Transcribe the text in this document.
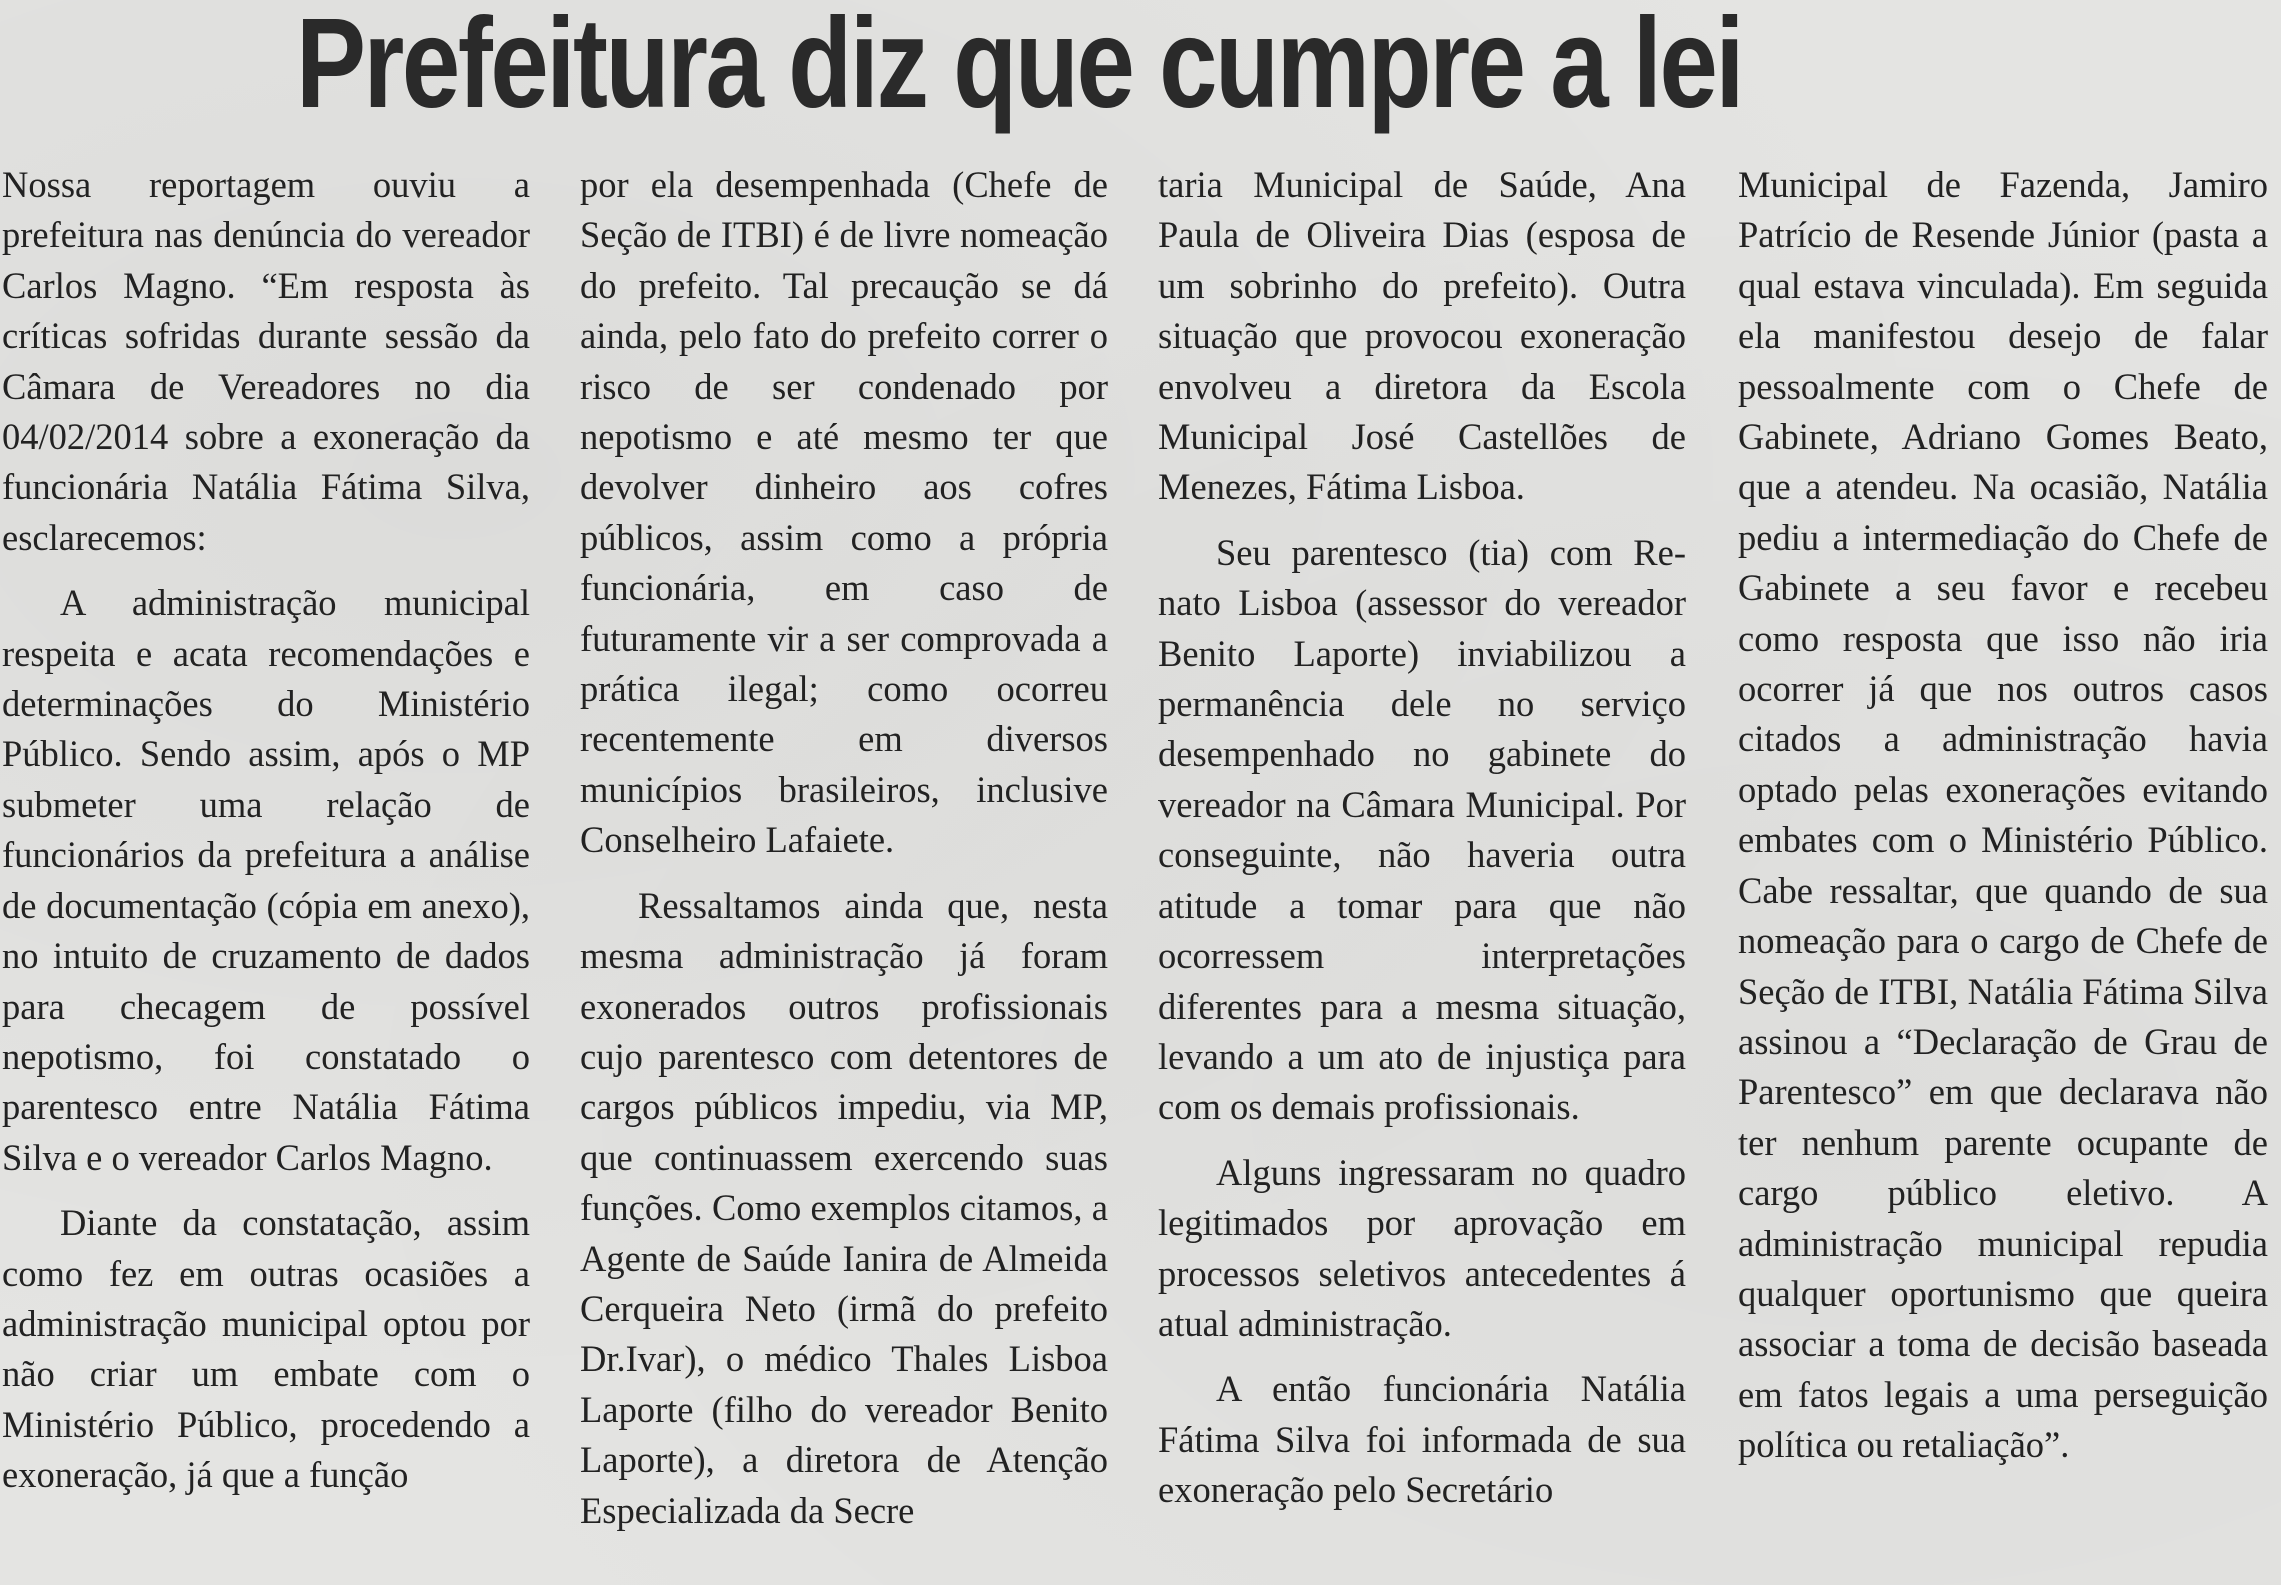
Prefeitura diz que cumpre a lei

Nossa reportagem ouviu a prefeitura nas denúncia do vereador Carlos Magno. “Em resposta às críticas sofridas durante sessão da Câmara de Vereadores no dia 04/02/2014 sobre a exoneração da funcionária Natália Fátima Silva, esclarecemos:

A administração municipal respeita e acata recomendações e determinações do Ministério Público. Sendo assim, após o MP submeter uma relação de funcionários da prefeitura a análise de documentação (cópia em anexo), no intuito de cruzamento de dados para checagem de possível nepotismo, foi constatado o parentesco entre Natália Fátima Silva e o vereador Carlos Magno.

Diante da constatação, assim como fez em outras ocasiões a administração municipal optou por não criar um embate com o Ministério Público, procedendo a exoneração, já que a função

por ela desempenhada (Chefe de Seção de ITBI) é de livre nomeação do prefeito. Tal precaução se dá ainda, pelo fato do prefeito correr o risco de ser condenado por nepotismo e até mesmo ter que devolver dinheiro aos cofres públicos, assim como a própria funcionária, em caso de futuramente vir a ser comprovada a prática ilegal; como ocorreu recentemente em diversos municípios brasileiros, inclusive Conselheiro Lafaiete.

Ressaltamos ainda que, nesta mesma administração já foram exonerados outros profissionais cujo parentesco com detentores de cargos públicos impediu, via MP, que continuassem exercendo suas funções. Como exemplos citamos, a Agente de Saúde Ianira de Almeida Cerqueira Neto (irmã do prefeito Dr.Ivar), o médico Thales Lisboa Laporte (filho do vereador Benito Laporte), a diretora de Atenção Especializada da Secre

taria Municipal de Saúde, Ana Paula de Oliveira Dias (esposa de um sobrinho do prefeito). Outra situação que provocou exoneração envolveu a diretora da Escola Municipal José Castellões de Menezes, Fátima Lisboa.

Seu parentesco (tia) com Renato Lisboa (assessor do vereador Benito Laporte) inviabilizou a permanência dele no serviço desempenhado no gabinete do vereador na Câmara Municipal. Por conseguinte, não haveria outra atitude a tomar para que não ocorressem interpretações diferentes para a mesma situação, levando a um ato de injustiça para com os demais profissionais.

Alguns ingressaram no quadro legitimados por aprovação em processos seletivos antecedentes á atual administração.

A então funcionária Natália Fátima Silva foi informada de sua exoneração pelo Secretário

Municipal de Fazenda, Jamiro Patrício de Resende Júnior (pasta a qual estava vinculada). Em seguida ela manifestou desejo de falar pessoalmente com o Chefe de Gabinete, Adriano Gomes Beato, que a atendeu. Na ocasião, Natália pediu a intermediação do Chefe de Gabinete a seu favor e recebeu como resposta que isso não iria ocorrer já que nos outros casos citados a administração havia optado pelas exonerações evitando embates com o Ministério Público. Cabe ressaltar, que quando de sua nomeação para o cargo de Chefe de Seção de ITBI, Natália Fátima Silva assinou a “Declaração de Grau de Parentesco” em que declarava não ter nenhum parente ocupante de cargo público eletivo. A administração municipal repudia qualquer oportunismo que queira associar a toma de decisão baseada em fatos legais a uma perseguição política ou retaliação”.
